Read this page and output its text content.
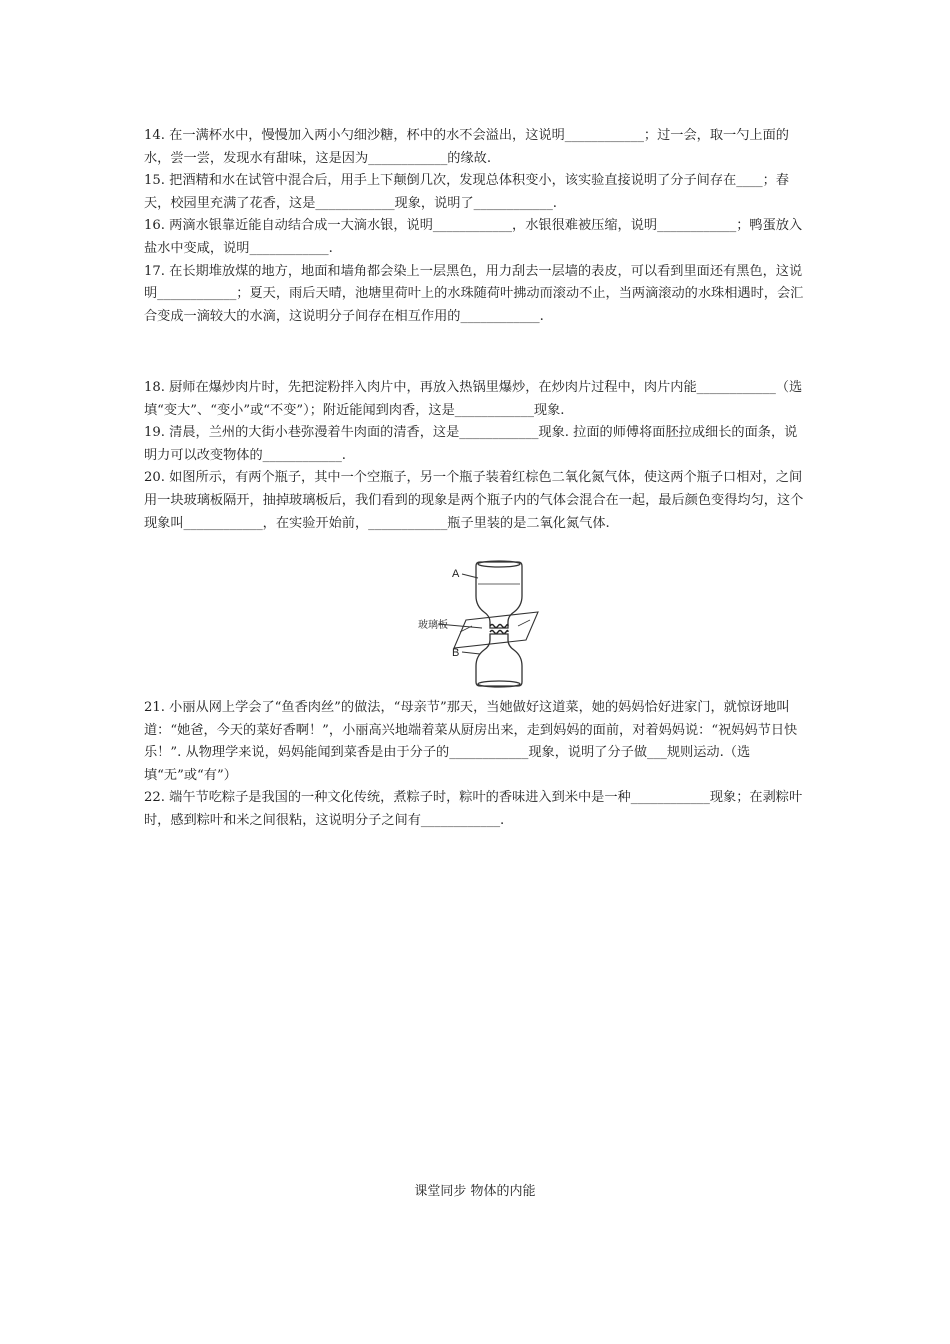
14. 在一满杯水中，慢慢加入两小勺细沙糖，杯中的水不会溢出，这说明____________；过一会，取一勺上面的水，尝一尝，发现水有甜味，这是因为____________的缘故.

15. 把酒精和水在试管中混合后，用手上下颠倒几次，发现总体积变小，该实验直接说明了分子间存在____；春天，校园里充满了花香，这是____________现象，说明了____________.

16. 两滴水银靠近能自动结合成一大滴水银，说明____________，水银很难被压缩，说明____________；鸭蛋放入盐水中变咸，说明____________.

17. 在长期堆放煤的地方，地面和墙角都会染上一层黑色，用力刮去一层墙的表皮，可以看到里面还有黑色，这说明____________；夏天，雨后天晴，池塘里荷叶上的水珠随荷叶拂动而滚动不止，当两滴滚动的水珠相遇时，会汇合变成一滴较大的水滴，这说明分子间存在相互作用的____________.

18. 厨师在爆炒肉片时，先把淀粉拌入肉片中，再放入热锅里爆炒，在炒肉片过程中，肉片内能____________（选填“变大”、“变小”或“不变”）；附近能闻到肉香，这是____________现象.

19. 清晨，兰州的大街小巷弥漫着牛肉面的清香，这是____________现象. 拉面的师傅将面胚拉成细长的面条，说明力可以改变物体的____________.

20. 如图所示，有两个瓶子，其中一个空瓶子，另一个瓶子装着红棕色二氧化氮气体，使这两个瓶子口相对，之间用一块玻璃板隔开，抽掉玻璃板后，我们看到的现象是两个瓶子内的气体会混合在一起，最后颜色变得均匀，这个现象叫____________，在实验开始前，____________瓶子里装的是二氧化氮气体.

A
玻璃板
B

21. 小丽从网上学会了“鱼香肉丝”的做法，“母亲节”那天，当她做好这道菜，她的妈妈恰好进家门，就惊讶地叫道：“她爸，今天的菜好香啊！”，小丽高兴地端着菜从厨房出来，走到妈妈的面前，对着妈妈说：“祝妈妈节日快乐！”. 从物理学来说，妈妈能闻到菜香是由于分子的____________现象，说明了分子做___规则运动.（选填“无”或“有”）

22. 端午节吃粽子是我国的一种文化传统，煮粽子时，粽叶的香味进入到米中是一种____________现象；在剥粽叶时，感到粽叶和米之间很粘，这说明分子之间有____________.

课堂同步 物体的内能
